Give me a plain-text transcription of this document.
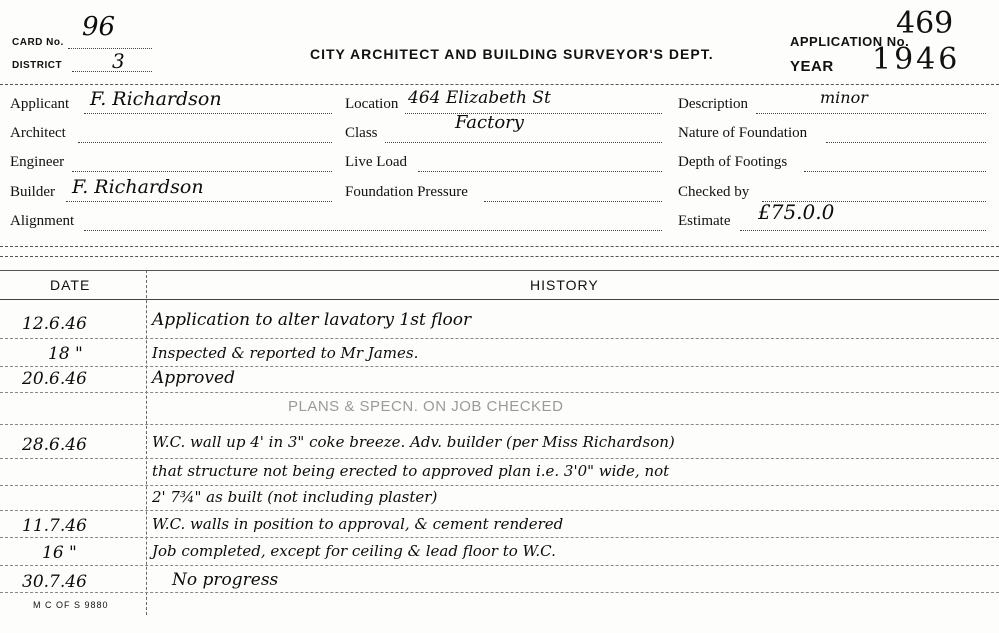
CARD No.
96
DISTRICT 3	CITY ARCHITECT AND BUILDING SURVEYOR'S DEPT.
469
APPLICATION No.
YEAR 1946
Applicant F. Richardson
Architect
Engineer
Builder F. Richardson
Alignment
Location 464 Elizabeth St
Class	Factory
Live Load
Foundation Pressure
Description	minor
Nature of Foundation
Depth of Footings
Checked by
Estimate £75.0.0
DATE	HISTORY
12.6.46	Application to alter lavatory 1st floor
18 "	Inspected & reported to Mr James.
20.6.46	Approved
PLANS & SPECN. ON JOB CHECKED
28.6.46	W.C. wall up 4' in 3" coke breeze. Adv. builder (per Miss Richardson)
that structure not being erected to approved plan i.e. 3'0" wide, not
2' 7¾" as built (not including plaster)
11.7.46	W.C. walls in position to approval, & cement rendered
16 "	Job completed, except for ceiling & lead floor to W.C.
30.7.46	No progress
M C OF S 9880
